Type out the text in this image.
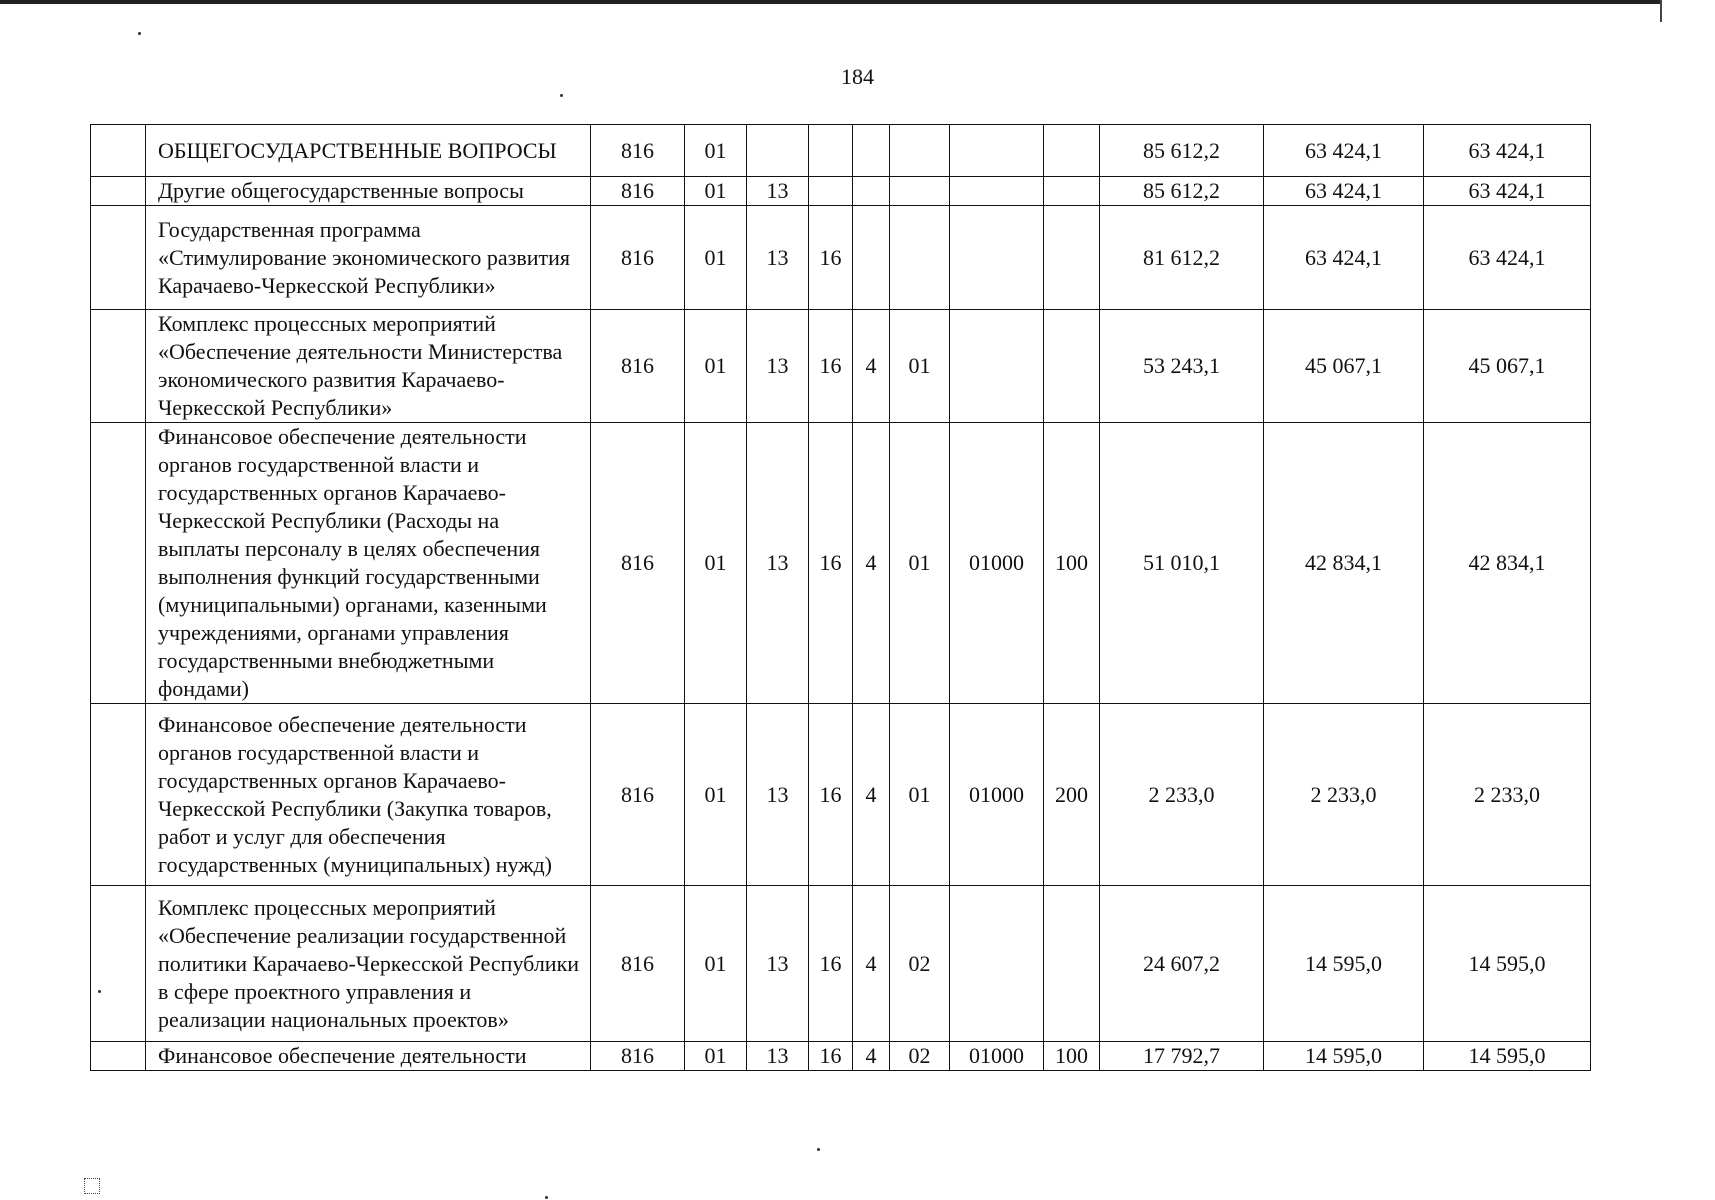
184
	ОБЩЕГОСУДАРСТВЕННЫЕ ВОПРОСЫ	816	01							85 612,2	63 424,1	63 424,1
	Другие общегосударственные вопросы	816	01	13						85 612,2	63 424,1	63 424,1
	Государственная программа «Стимулирование экономического развития Карачаево-Черкесской Республики»	816	01	13	16					81 612,2	63 424,1	63 424,1
	Комплекс процессных мероприятий «Обеспечение деятельности Министерства экономического развития Карачаево-Черкесской Республики»	816	01	13	16	4	01			53 243,1	45 067,1	45 067,1
	Финансовое обеспечение деятельности органов государственной власти и государственных органов Карачаево-Черкесской Республики (Расходы на выплаты персоналу в целях обеспечения выполнения функций государственными (муниципальными) органами, казенными учреждениями, органами управления государственными внебюджетными фондами)	816	01	13	16	4	01	01000	100	51 010,1	42 834,1	42 834,1
	Финансовое обеспечение деятельности органов государственной власти и государственных органов Карачаево-Черкесской Республики (Закупка товаров, работ и услуг для обеспечения государственных (муниципальных) нужд)	816	01	13	16	4	01	01000	200	2 233,0	2 233,0	2 233,0
	Комплекс процессных мероприятий «Обеспечение реализации государственной политики Карачаево-Черкесской Республики в сфере проектного управления и реализации национальных проектов»	816	01	13	16	4	02			24 607,2	14 595,0	14 595,0
	Финансовое обеспечение деятельности	816	01	13	16	4	02	01000	100	17 792,7	14 595,0	14 595,0
